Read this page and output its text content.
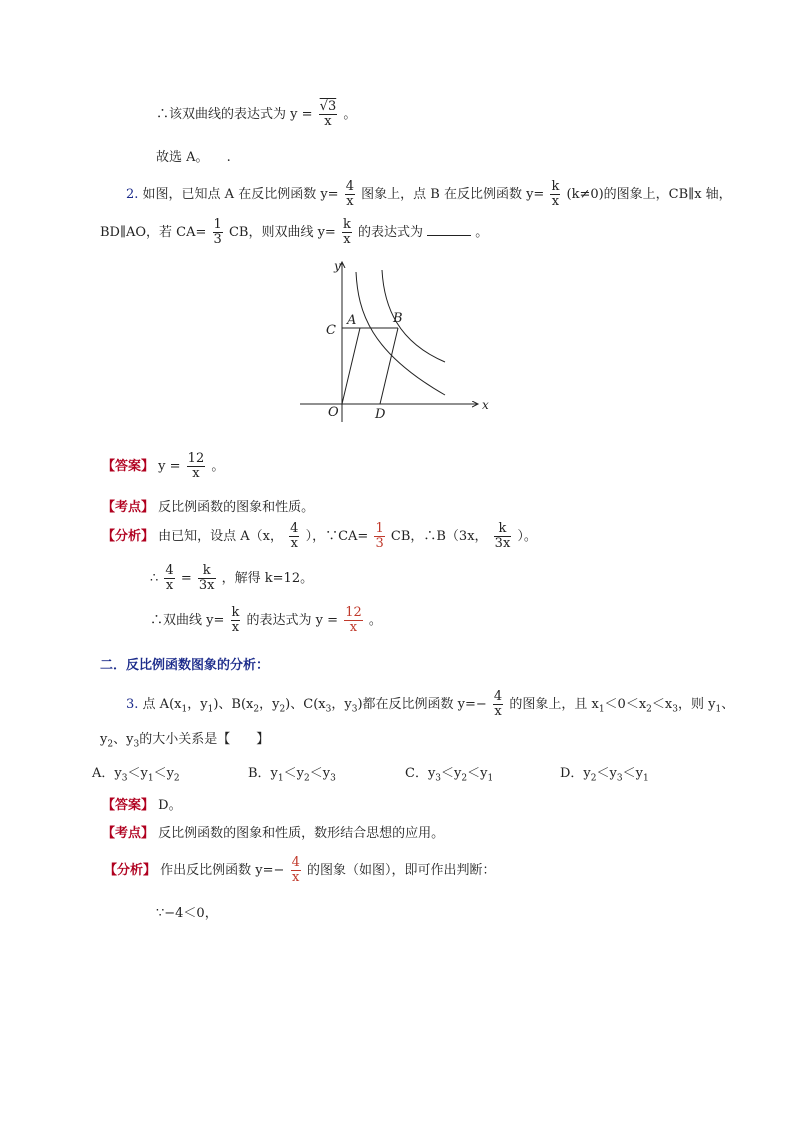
∴该双曲线的表达式为 $y = \frac{√3}{x}$ 。
故选 A。 .
2. 如图，已知点 A 在反比例函数 $y= \frac{4}{x}$ 图象上，点 B 在反比例函数 $y= \frac{k}{x} (k\ne 0)$的图象上，CB∥x 轴，
BD∥AO，若 $CA= \frac{1}{3}$ CB，则双曲线 $y= \frac{k}{x}$ 的表达式为	。
y
x
C
A	B
O	D
【答案】 $y = \frac{12}{x}$ 。
【考点】 反比例函数的图象和性质。
【分析】 由已知，设点 A（x， $\frac{4}{x}$ ），∵CA= $\frac{1}{3}$ CB，∴B（3x， $\frac{k}{3x}$ ）。
∴ $\frac{4}{x} = \frac{k}{3x}$ ，解得 k=12。
∴双曲线 $y= \frac{k}{x}$ 的表达式为 $y = \frac{12}{x}$ 。
二．反比例函数图象的分析：
3. 点 $A(x_1$，$y_1$)、$B(x_2$，$y_2$)、$C(x_3$，$y_3$)都在反比例函数 $y=- \frac{4}{x}$ 的图象上，且 $x_1<0<x_2<x_3$，则 $y_1$、
$y_2$、$y_3$的大小关系是【　　】
A．$y_3<y_1<y_2$	B．$y_1<y_2<y_3$	C．$y_3<y_2<y_1$	D．$y_2<y_3<y_1$
【答案】 D。
【考点】 反比例函数的图象和性质，数形结合思想的应用。
【分析】 作出反比例函数 $y=- \frac{4}{x}$ 的图象（如图），即可作出判断：
∵−4＜0，
